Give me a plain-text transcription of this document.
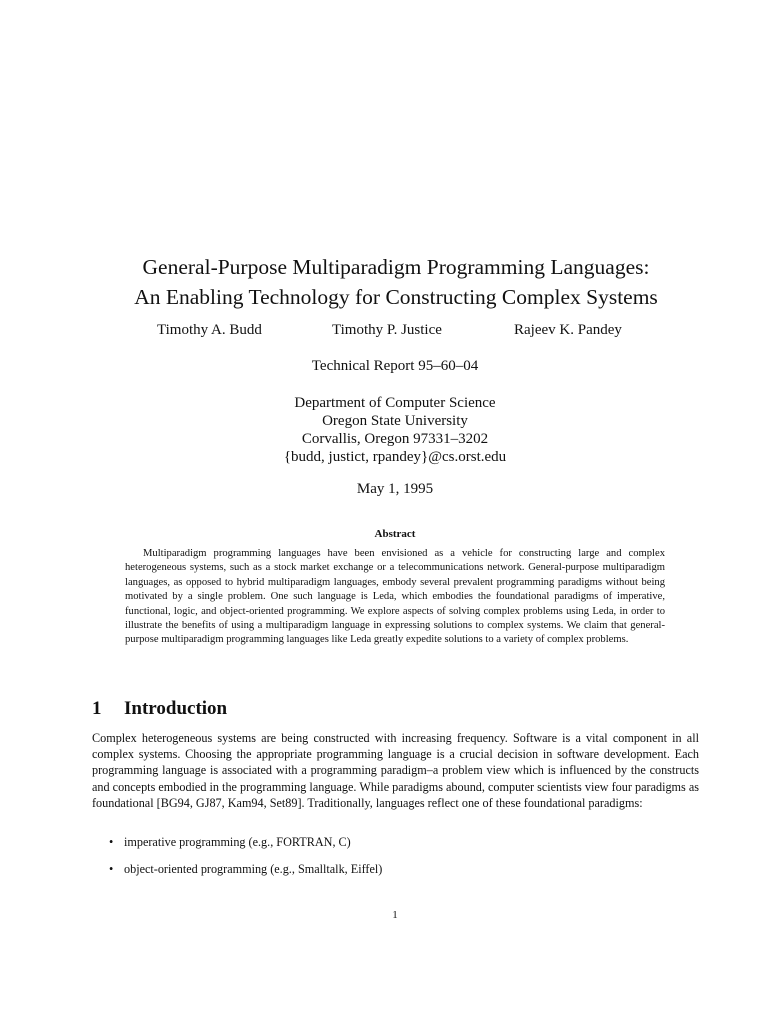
General-Purpose Multiparadigm Programming Languages:
An Enabling Technology for Constructing Complex Systems
Timothy A. Budd	Timothy P. Justice	Rajeev K. Pandey
Technical Report 95–60–04
Department of Computer Science
Oregon State University
Corvallis, Oregon 97331–3202
{budd, justict, rpandey}@cs.orst.edu
May 1, 1995
Abstract

Multiparadigm programming languages have been envisioned as a vehicle for constructing large and complex heterogeneous systems, such as a stock market exchange or a telecommunications network. General-purpose multiparadigm languages, as opposed to hybrid multiparadigm languages, embody several prevalent programming paradigms without being motivated by a single problem. One such language is Leda, which embodies the foundational paradigms of imperative, functional, logic, and object-oriented programming. We explore aspects of solving complex problems using Leda, in order to illustrate the benefits of using a multiparadigm language in expressing solutions to complex systems. We claim that general-purpose multiparadigm programming languages like Leda greatly expedite solutions to a variety of complex problems.

1 Introduction

Complex heterogeneous systems are being constructed with increasing frequency. Software is a vital component in all complex systems. Choosing the appropriate programming language is a crucial decision in software development. Each programming language is associated with a programming paradigm–a problem view which is influenced by the constructs and concepts embodied in the programming language. While paradigms abound, computer scientists view four paradigms as foundational [BG94, GJ87, Kam94, Set89]. Traditionally, languages reflect one of these foundational paradigms:

• imperative programming (e.g., FORTRAN, C)
• object-oriented programming (e.g., Smalltalk, Eiffel)
1
